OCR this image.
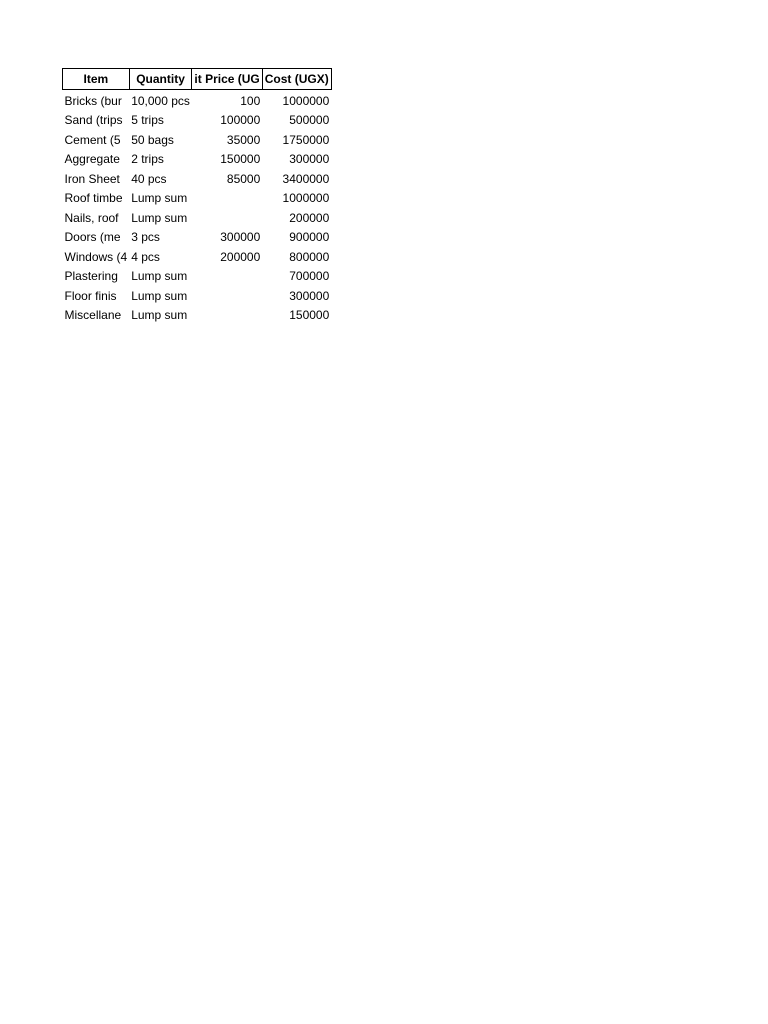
Item	Quantity	it Price (UG	Cost (UGX)
Bricks (bur	10,000 pcs	100	1000000
Sand (trips	5 trips	100000	500000
Cement (5	50 bags	35000	1750000
Aggregate	2 trips	150000	300000
Iron Sheet	40 pcs	85000	3400000
Roof timbe	Lump sum		1000000
Nails, roof	Lump sum		200000
Doors (me	3 pcs	300000	900000
Windows (4	4 pcs	200000	800000
Plastering	Lump sum		700000
Floor finis	Lump sum		300000
Miscellane	Lump sum		150000
